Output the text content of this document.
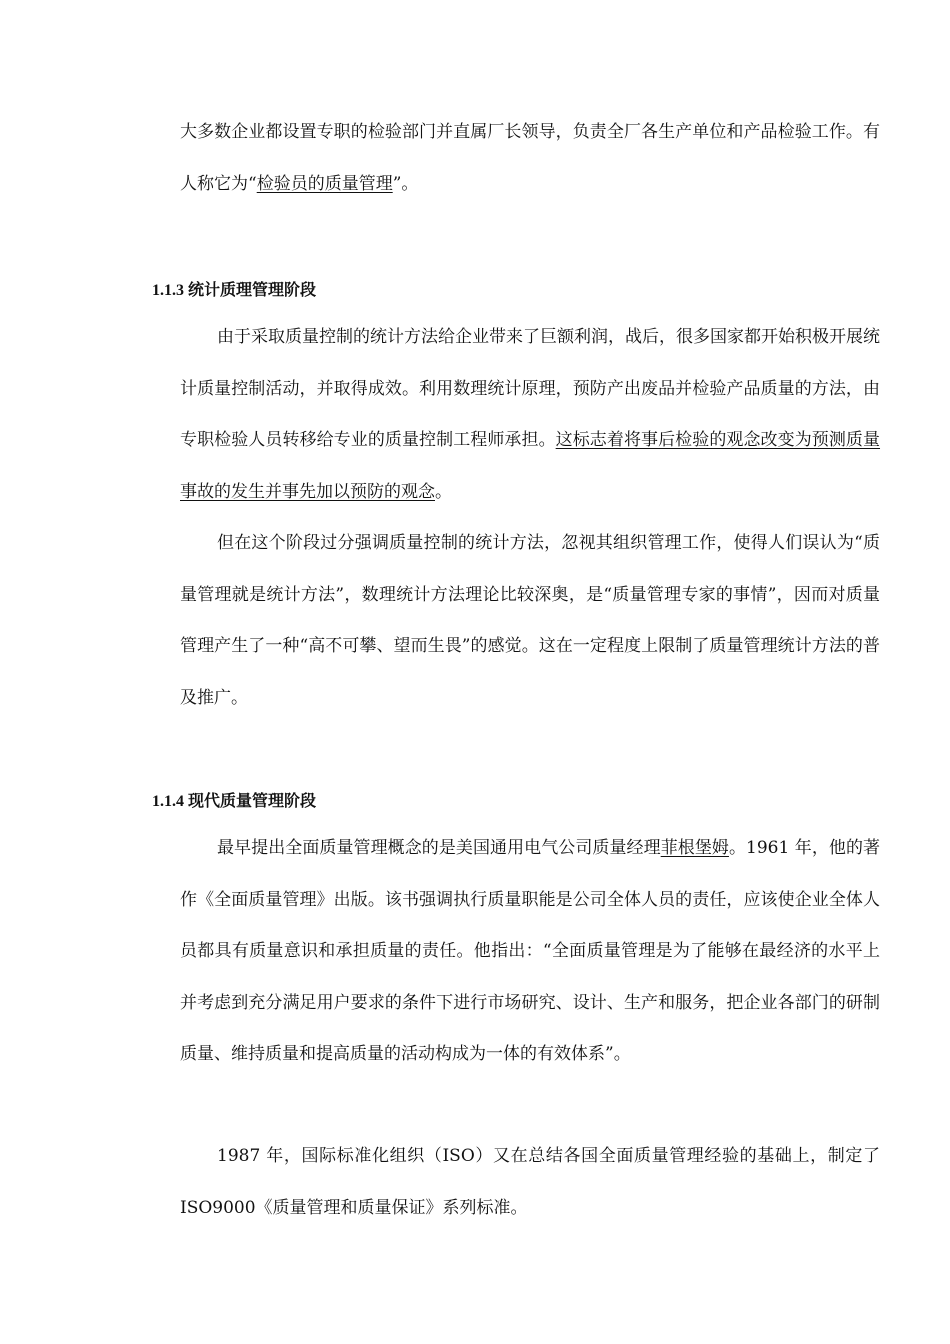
大多数企业都设置专职的检验部门并直属厂长领导，负责全厂各生产单位和产品检验工作。有人称它为“检验员的质量管理”。

1.1.3 统计质理管理阶段

由于采取质量控制的统计方法给企业带来了巨额利润，战后，很多国家都开始积极开展统计质量控制活动，并取得成效。利用数理统计原理，预防产出废品并检验产品质量的方法，由专职检验人员转移给专业的质量控制工程师承担。这标志着将事后检验的观念改变为预测质量事故的发生并事先加以预防的观念。

但在这个阶段过分强调质量控制的统计方法，忽视其组织管理工作，使得人们误认为“质量管理就是统计方法”，数理统计方法理论比较深奥，是“质量管理专家的事情”，因而对质量管理产生了一种“高不可攀、望而生畏”的感觉。这在一定程度上限制了质量管理统计方法的普及推广。

1.1.4 现代质量管理阶段

最早提出全面质量管理概念的是美国通用电气公司质量经理菲根堡姆。1961 年，他的著作《全面质量管理》出版。该书强调执行质量职能是公司全体人员的责任，应该使企业全体人员都具有质量意识和承担质量的责任。他指出：“全面质量管理是为了能够在最经济的水平上并考虑到充分满足用户要求的条件下进行市场研究、设计、生产和服务，把企业各部门的研制质量、维持质量和提高质量的活动构成为一体的有效体系”。

1987 年，国际标准化组织（ISO）又在总结各国全面质量管理经验的基础上，制定了 ISO9000《质量管理和质量保证》系列标准。
